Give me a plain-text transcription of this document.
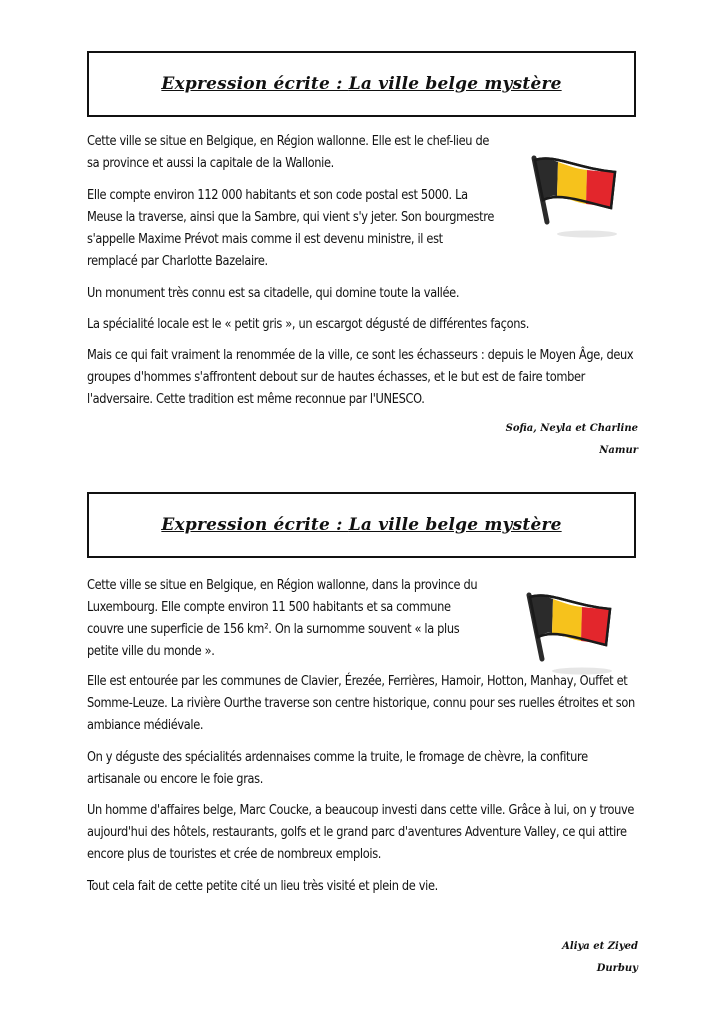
Expression écrite : La ville belge mystère

Cette ville se situe en Belgique, en Région wallonne. Elle est le chef-lieu de sa province et aussi la capitale de la Wallonie.

Elle compte environ 112 000 habitants et son code postal est 5000. La Meuse la traverse, ainsi que la Sambre, qui vient s'y jeter. Son bourgmestre s'appelle Maxime Prévot mais comme il est devenu ministre, il est remplacé par Charlotte Bazelaire.

Un monument très connu est sa citadelle, qui domine toute la vallée.

La spécialité locale est le « petit gris », un escargot dégusté de différentes façons.

Mais ce qui fait vraiment la renommée de la ville, ce sont les échasseurs : depuis le Moyen Âge, deux groupes d'hommes s'affrontent debout sur de hautes échasses, et le but est de faire tomber l'adversaire. Cette tradition est même reconnue par l'UNESCO.

Sofia, Neyla et Charline
Namur
Expression écrite : La ville belge mystère

Cette ville se situe en Belgique, en Région wallonne, dans la province du Luxembourg. Elle compte environ 11 500 habitants et sa commune couvre une superficie de 156 km². On la surnomme souvent « la plus petite ville du monde ».

Elle est entourée par les communes de Clavier, Érezée, Ferrières, Hamoir, Hotton, Manhay, Ouffet et Somme-Leuze. La rivière Ourthe traverse son centre historique, connu pour ses ruelles étroites et son ambiance médiévale.

On y déguste des spécialités ardennaises comme la truite, le fromage de chèvre, la confiture artisanale ou encore le foie gras.

Un homme d'affaires belge, Marc Coucke, a beaucoup investi dans cette ville. Grâce à lui, on y trouve aujourd'hui des hôtels, restaurants, golfs et le grand parc d'aventures Adventure Valley, ce qui attire encore plus de touristes et crée de nombreux emplois.

Tout cela fait de cette petite cité un lieu très visité et plein de vie.

Aliya et Ziyed
Durbuy
